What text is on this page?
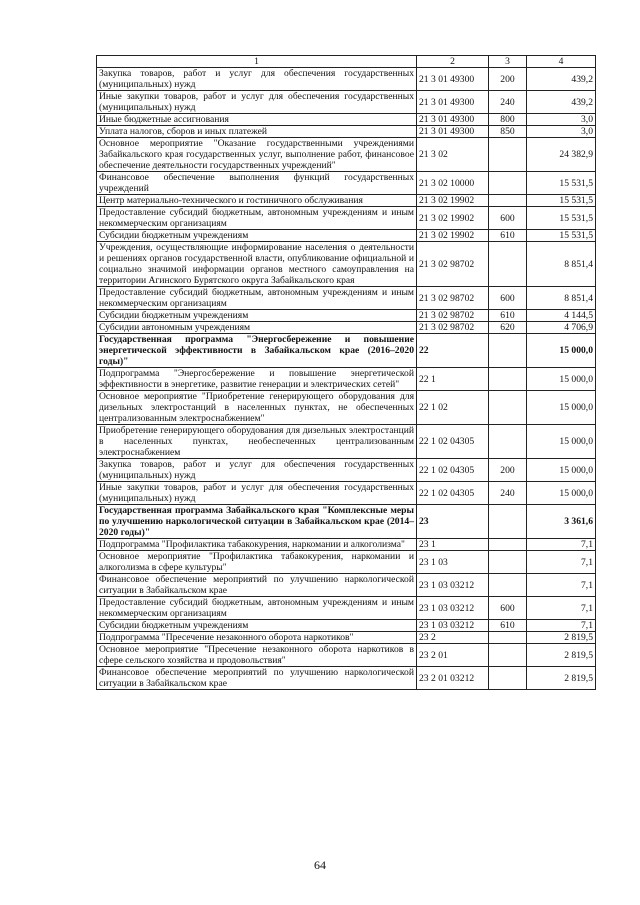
1	2	3	4
Закупка товаров, работ и услуг для обеспечения государственных (муниципальных) нужд	21 3 01 49300	200	439,2
Иные закупки товаров, работ и услуг для обеспечения государственных (муниципальных) нужд	21 3 01 49300	240	439,2
Иные бюджетные ассигнования	21 3 01 49300	800	3,0
Уплата налогов, сборов и иных платежей	21 3 01 49300	850	3,0
Основное мероприятие "Оказание государственными учреждениями Забайкальского края государственных услуг, выполнение работ, финансовое обеспечение деятельности государственных учреждений"	21 3 02		24 382,9
Финансовое обеспечение выполнения функций государственных учреждений	21 3 02 10000		15 531,5
Центр материально-технического и гостиничного обслуживания	21 3 02 19902		15 531,5
Предоставление субсидий бюджетным, автономным учреждениям и иным некоммерческим организациям	21 3 02 19902	600	15 531,5
Субсидии бюджетным учреждениям	21 3 02 19902	610	15 531,5
Учреждения, осуществляющие информирование населения о деятельности и решениях органов государственной власти, опубликование официальной и социально значимой информации органов местного самоуправления на территории Агинского Бурятского округа Забайкальского края	21 3 02 98702		8 851,4
Предоставление субсидий бюджетным, автономным учреждениям и иным некоммерческим организациям	21 3 02 98702	600	8 851,4
Субсидии бюджетным учреждениям	21 3 02 98702	610	4 144,5
Субсидии автономным учреждениям	21 3 02 98702	620	4 706,9
Государственная программа "Энергосбережение и повышение энергетической эффективности в Забайкальском крае (2016–2020 годы)"	22		15 000,0
Подпрограмма "Энергосбережение и повышение энергетической эффективности в энергетике, развитие генерации и электрических сетей"	22 1		15 000,0
Основное мероприятие "Приобретение генерирующего оборудования для дизельных электростанций в населенных пунктах, не обеспеченных централизованным электроснабжением"	22 1 02		15 000,0
Приобретение генерирующего оборудования для дизельных электростанций в населенных пунктах, необеспеченных централизованным электроснабжением	22 1 02 04305		15 000,0
Закупка товаров, работ и услуг для обеспечения государственных (муниципальных) нужд	22 1 02 04305	200	15 000,0
Иные закупки товаров, работ и услуг для обеспечения государственных (муниципальных) нужд	22 1 02 04305	240	15 000,0
Государственная программа Забайкальского края "Комплексные меры по улучшению наркологической ситуации в Забайкальском крае (2014–2020 годы)"	23		3 361,6
Подпрограмма "Профилактика табакокурения, наркомании и алкоголизма"	23 1		7,1
Основное мероприятие "Профилактика табакокурения, наркомании и алкоголизма в сфере культуры"	23 1 03		7,1
Финансовое обеспечение мероприятий по улучшению наркологической ситуации в Забайкальском крае	23 1 03 03212		7,1
Предоставление субсидий бюджетным, автономным учреждениям и иным некоммерческим организациям	23 1 03 03212	600	7,1
Субсидии бюджетным учреждениям	23 1 03 03212	610	7,1
Подпрограмма "Пресечение незаконного оборота наркотиков"	23 2		2 819,5
Основное мероприятие "Пресечение незаконного оборота наркотиков в сфере сельского хозяйства и продовольствия"	23 2 01		2 819,5
Финансовое обеспечение мероприятий по улучшению наркологической ситуации в Забайкальском крае	23 2 01 03212		2 819,5
64
